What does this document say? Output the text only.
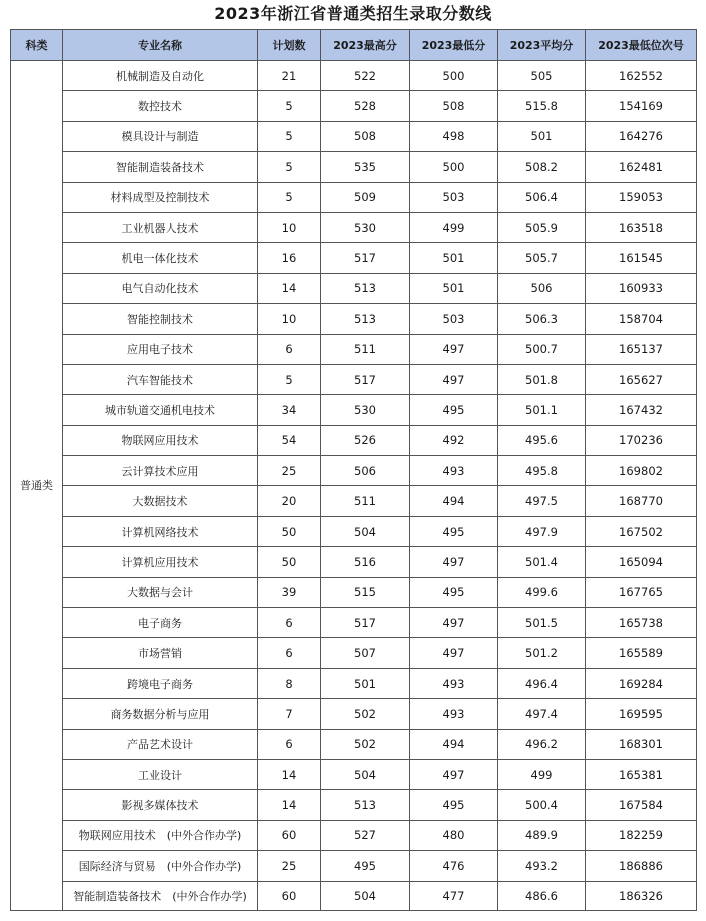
2023年浙江省普通类招生录取分数线
科类	专业名称	计划数	2023最高分	2023最低分	2023平均分	2023最低位次号
普通类	机械制造及自动化	21	522	500	505	162552
	数控技术	5	528	508	515.8	154169
	模具设计与制造	5	508	498	501	164276
	智能制造装备技术	5	535	500	508.2	162481
	材料成型及控制技术	5	509	503	506.4	159053
	工业机器人技术	10	530	499	505.9	163518
	机电一体化技术	16	517	501	505.7	161545
	电气自动化技术	14	513	501	506	160933
	智能控制技术	10	513	503	506.3	158704
	应用电子技术	6	511	497	500.7	165137
	汽车智能技术	5	517	497	501.8	165627
	城市轨道交通机电技术	34	530	495	501.1	167432
	物联网应用技术	54	526	492	495.6	170236
	云计算技术应用	25	506	493	495.8	169802
	大数据技术	20	511	494	497.5	168770
	计算机网络技术	50	504	495	497.9	167502
	计算机应用技术	50	516	497	501.4	165094
	大数据与会计	39	515	495	499.6	167765
	电子商务	6	517	497	501.5	165738
	市场营销	6	507	497	501.2	165589
	跨境电子商务	8	501	493	496.4	169284
	商务数据分析与应用	7	502	493	497.4	169595
	产品艺术设计	6	502	494	496.2	168301
	工业设计	14	504	497	499	165381
	影视多媒体技术	14	513	495	500.4	167584
	物联网应用技术　(中外合作办学)	60	527	480	489.9	182259
	国际经济与贸易　(中外合作办学)	25	495	476	493.2	186886
	智能制造装备技术　(中外合作办学)	60	504	477	486.6	186326
